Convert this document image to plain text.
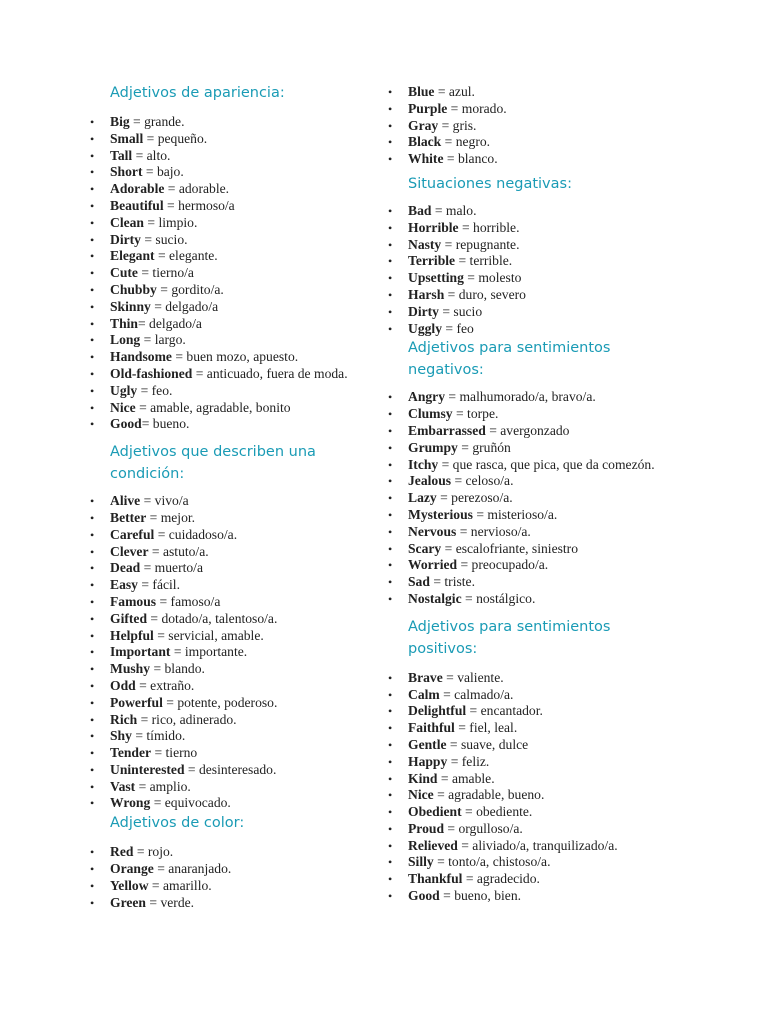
Adjetivos de apariencia:
• Big = grande.
• Small = pequeño.
• Tall = alto.
• Short = bajo.
• Adorable = adorable.
• Beautiful = hermoso/a
• Clean = limpio.
• Dirty = sucio.
• Elegant = elegante.
• Cute = tierno/a
• Chubby = gordito/a.
• Skinny = delgado/a
• Thin= delgado/a
• Long = largo.
• Handsome = buen mozo, apuesto.
• Old-fashioned = anticuado, fuera de moda.
• Ugly = feo.
• Nice = amable, agradable, bonito
• Good= bueno.
Adjetivos que describen una condición:
• Alive = vivo/a
• Better = mejor.
• Careful = cuidadoso/a.
• Clever = astuto/a.
• Dead = muerto/a
• Easy = fácil.
• Famous = famoso/a
• Gifted = dotado/a, talentoso/a.
• Helpful = servicial, amable.
• Important = importante.
• Mushy = blando.
• Odd = extraño.
• Powerful = potente, poderoso.
• Rich = rico, adinerado.
• Shy = tímido.
• Tender = tierno
• Uninterested = desinteresado.
• Vast = amplio.
• Wrong = equivocado.
Adjetivos de color:
• Red = rojo.
• Orange = anaranjado.
• Yellow = amarillo.
• Green = verde.
• Blue = azul.
• Purple = morado.
• Gray = gris.
• Black = negro.
• White = blanco.
Situaciones negativas:
• Bad = malo.
• Horrible = horrible.
• Nasty = repugnante.
• Terrible = terrible.
• Upsetting = molesto
• Harsh = duro, severo
• Dirty = sucio
• Uggly = feo
Adjetivos para sentimientos negativos:
• Angry = malhumorado/a, bravo/a.
• Clumsy = torpe.
• Embarrassed = avergonzado
• Grumpy = gruñón
• Itchy = que rasca, que pica, que da comezón.
• Jealous = celoso/a.
• Lazy = perezoso/a.
• Mysterious = misterioso/a.
• Nervous = nervioso/a.
• Scary = escalofriante, siniestro
• Worried = preocupado/a.
• Sad = triste.
• Nostalgic = nostálgico.
Adjetivos para sentimientos positivos:
• Brave = valiente.
• Calm = calmado/a.
• Delightful = encantador.
• Faithful = fiel, leal.
• Gentle = suave, dulce
• Happy = feliz.
• Kind = amable.
• Nice = agradable, bueno.
• Obedient = obediente.
• Proud = orgulloso/a.
• Relieved = aliviado/a, tranquilizado/a.
• Silly = tonto/a, chistoso/a.
• Thankful = agradecido.
• Good = bueno, bien.
